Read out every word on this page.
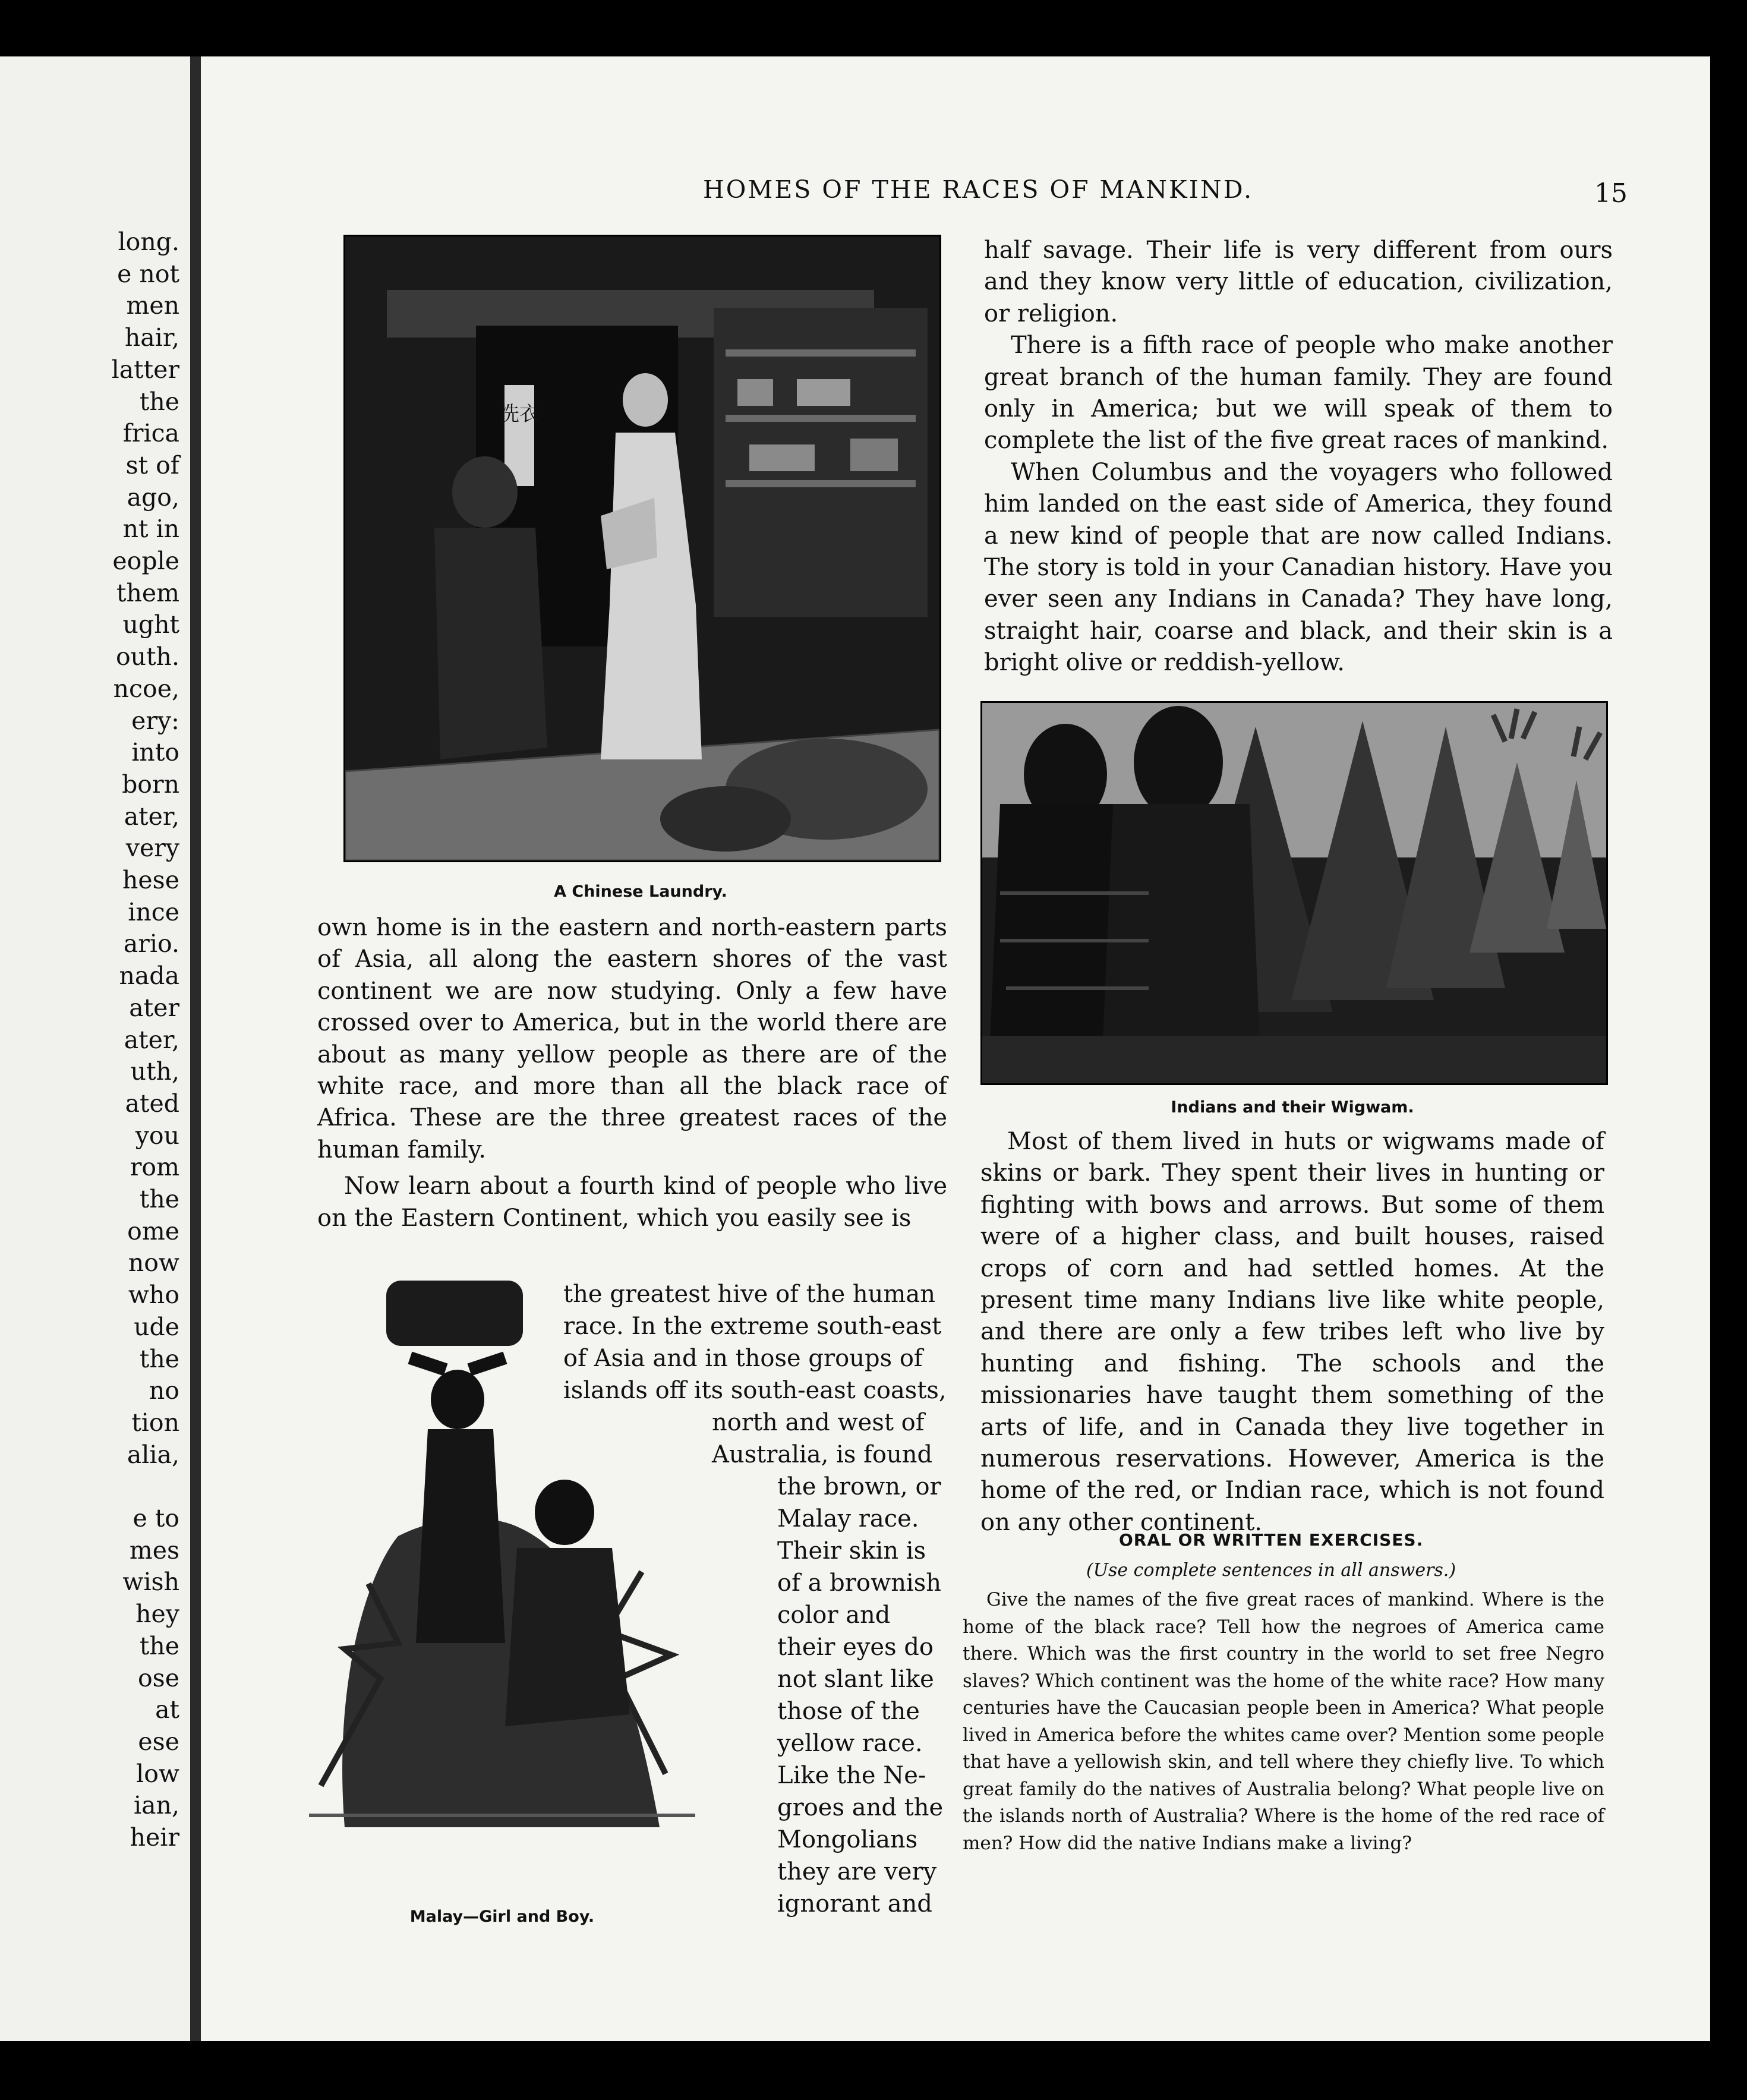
long.
e not
men
hair,
latter
the
frica
st of
ago,
nt in
eople
them
ught
outh.
ncoe,
ery:
into
born
ater,
very
hese
ince
ario.
nada
ater
ater,
uth,
ated
you
rom
the
ome
now
who
ude
the
no
tion
alia,
e to
mes
wish
hey
the
ose
at
ese
low
ian,
heir
HOMES OF THE RACES OF MANKIND.	15
洗衣
A Chinese Laundry.

own home is in the eastern and north-eastern parts of Asia, all along the eastern shores of the vast continent we are now studying. Only a few have crossed over to America, but in the world there are about as many yellow people as there are of the white race, and more than all the black race of Africa. These are the three greatest races of the human family.

Now learn about a fourth kind of people who live on the Eastern Continent, which you easily see is

Malay—Girl and Boy.
the greatest hive of the human
race. In the extreme south-east
of Asia and in those groups of
islands off its south-east coasts,
north and west of
Australia, is found
the brown, or
Malay race.
Their skin is
of a brownish
color and
their eyes do
not slant like
those of the
yellow race.
Like the Ne-
groes and the
Mongolians
they are very
ignorant and

half savage. Their life is very different from ours and they know very little of education, civilization, or religion.

There is a fifth race of people who make another great branch of the human family. They are found only in America; but we will speak of them to complete the list of the five great races of mankind.

When Columbus and the voyagers who followed him landed on the east side of America, they found a new kind of people that are now called Indians. The story is told in your Canadian history. Have you ever seen any Indians in Canada? They have long, straight hair, coarse and black, and their skin is a bright olive or reddish-yellow.

Indians and their Wigwam.

Most of them lived in huts or wigwams made of skins or bark. They spent their lives in hunting or fighting with bows and arrows. But some of them were of a higher class, and built houses, raised crops of corn and had settled homes. At the present time many Indians live like white people, and there are only a few tribes left who live by hunting and fishing. The schools and the missionaries have taught them something of the arts of life, and in Canada they live together in numerous reservations. However, America is the home of the red, or Indian race, which is not found on any other continent.

ORAL OR WRITTEN EXERCISES.
(Use complete sentences in all answers.)

Give the names of the five great races of mankind. Where is the home of the black race? Tell how the negroes of America came there. Which was the first country in the world to set free Negro slaves? Which continent was the home of the white race? How many centuries have the Caucasian people been in America? What people lived in America before the whites came over? Mention some people that have a yellowish skin, and tell where they chiefly live. To which great family do the natives of Australia belong? What people live on the islands north of Australia? Where is the home of the red race of men? How did the native Indians make a living?
